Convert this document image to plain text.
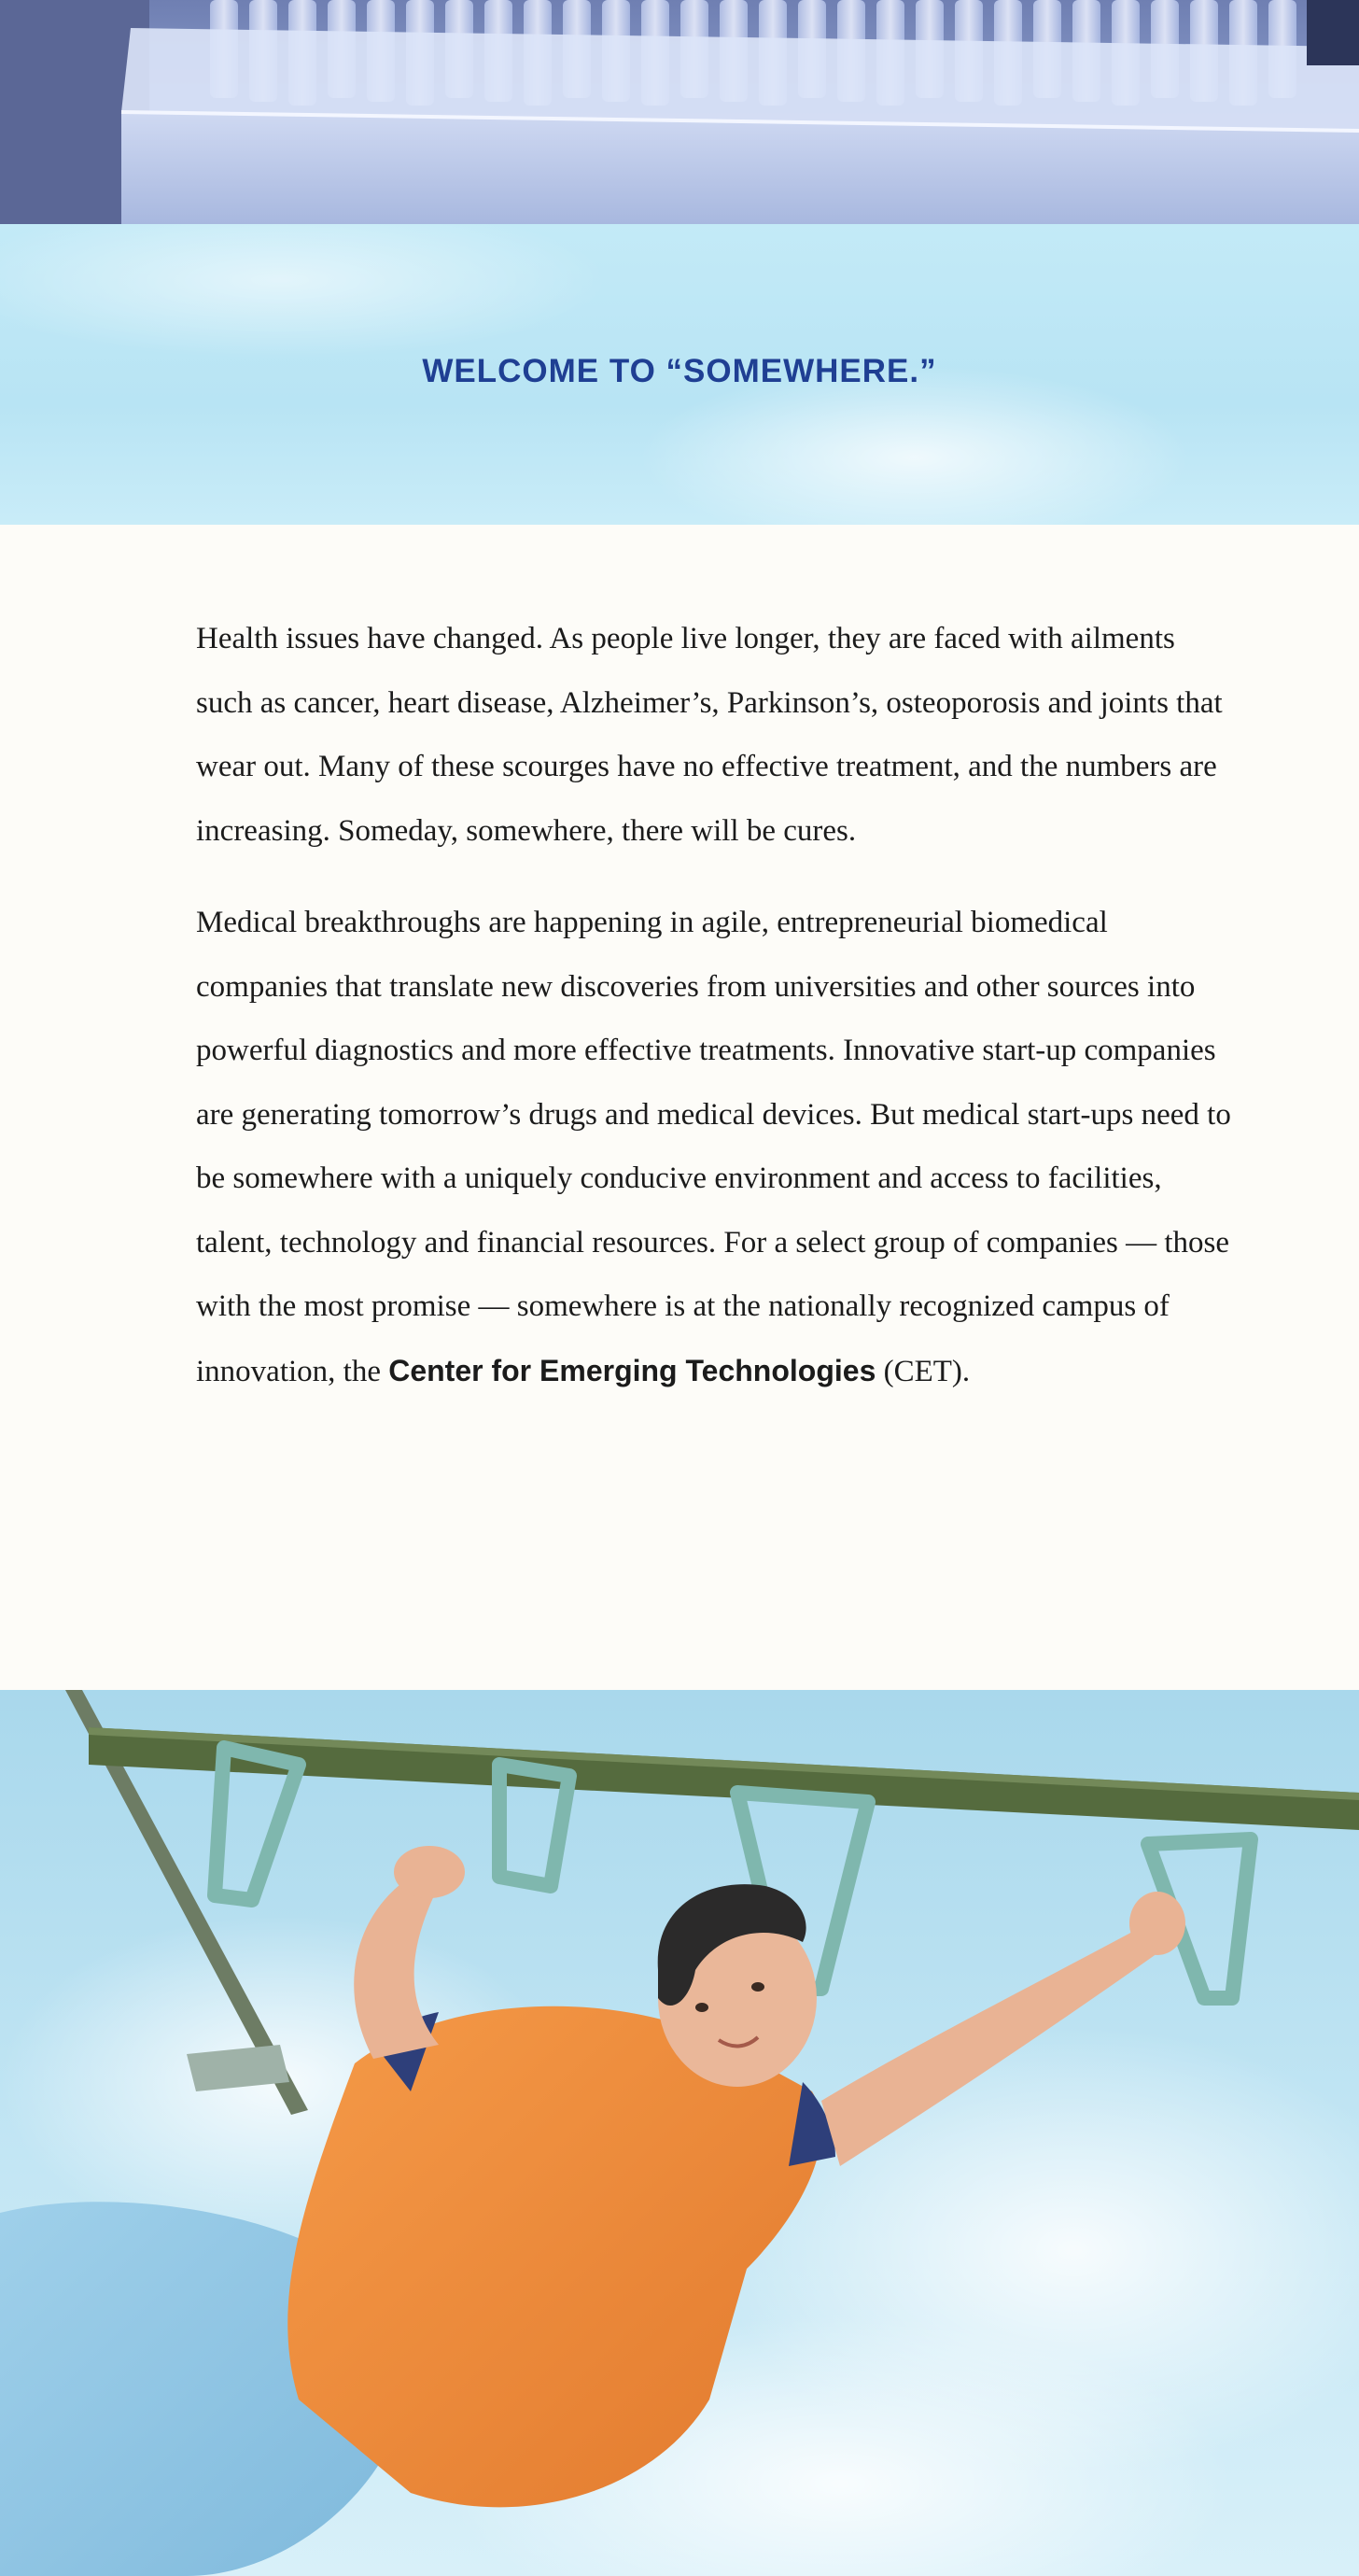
WELCOME TO “SOMEWHERE.”

Health issues have changed. As people live longer, they are faced with ailments such as cancer, heart disease, Alzheimer’s, Parkinson’s, osteoporosis and joints that wear out. Many of these scourges have no effective treatment, and the numbers are increasing. Someday, somewhere, there will be cures.

Medical breakthroughs are happening in agile, entrepreneurial biomedical companies that translate new discoveries from universities and other sources into powerful diagnostics and more effective treatments. Innovative start-up companies are generating tomorrow’s drugs and medical devices. But medical start-ups need to be somewhere with a uniquely conducive environment and access to facilities, talent, technology and financial resources. For a select group of companies — those with the most promise — somewhere is at the nationally recognized campus of innovation, the Center for Emerging Technologies (CET).
